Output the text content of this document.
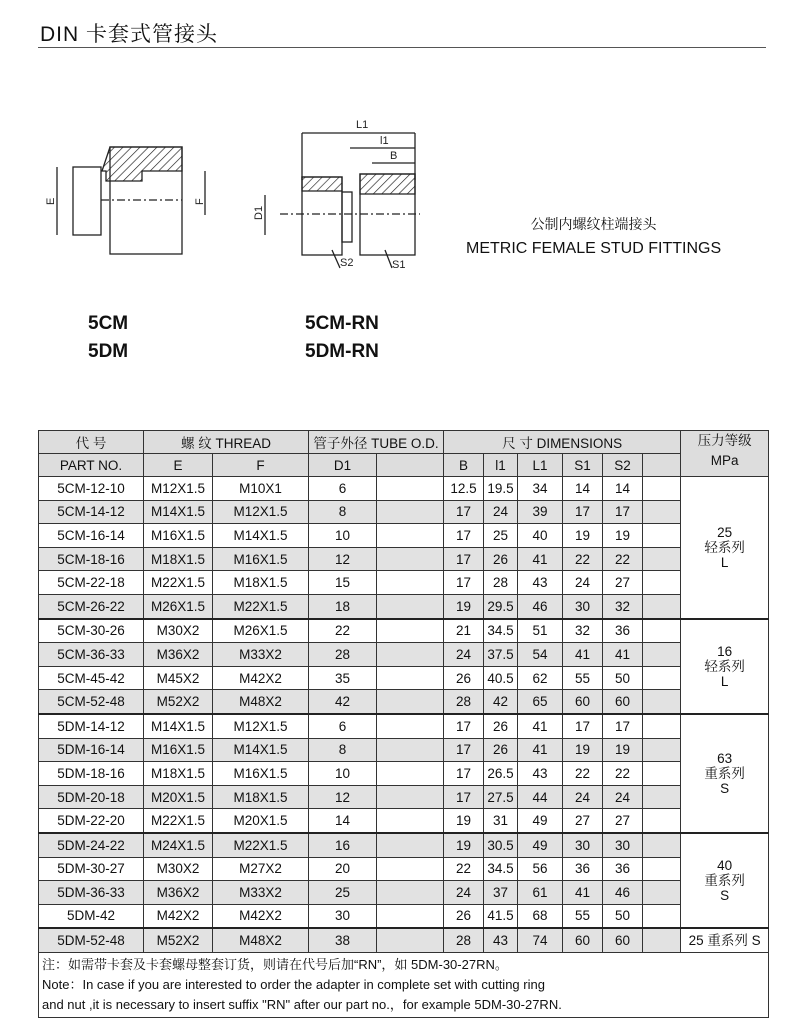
DIN 卡套式管接头
E	F
L1
l1
B
D1
S2	S1
5CM
5DM
5CM-RN
5DM-RN
公制内螺纹柱端接头
METRIC FEMALE STUD FITTINGS
代 号	螺 纹 THREAD		管子外径 TUBE O.D.		尺 寸 DIMENSIONS						压力等级
MPa

PART NO.	E	F	D1		B	l1	L1	S1	S2		
5CM-12-10	M12X1.5	M10X1	6		12.5	19.5	34	14	14		25
轻系列
L

5CM-14-12	M14X1.5	M12X1.5	8		17	24	39	17	17		
5CM-16-14	M16X1.5	M14X1.5	10		17	25	40	19	19		
5CM-18-16	M18X1.5	M16X1.5	12		17	26	41	22	22		
5CM-22-18	M22X1.5	M18X1.5	15		17	28	43	24	27		
5CM-26-22	M26X1.5	M22X1.5	18		19	29.5	46	30	32		
5CM-30-26	M30X2	M26X1.5	22		21	34.5	51	32	36		16
轻系列
L

5CM-36-33	M36X2	M33X2	28		24	37.5	54	41	41		
5CM-45-42	M45X2	M42X2	35		26	40.5	62	55	50		
5CM-52-48	M52X2	M48X2	42		28	42	65	60	60		
5DM-14-12	M14X1.5	M12X1.5	6		17	26	41	17	17		63
重系列
S

5DM-16-14	M16X1.5	M14X1.5	8		17	26	41	19	19		
5DM-18-16	M18X1.5	M16X1.5	10		17	26.5	43	22	22		
5DM-20-18	M20X1.5	M18X1.5	12		17	27.5	44	24	24		
5DM-22-20	M22X1.5	M20X1.5	14		19	31	49	27	27		
5DM-24-22	M24X1.5	M22X1.5	16		19	30.5	49	30	30		40
重系列
S

5DM-30-27	M30X2	M27X2	20		22	34.5	56	36	36		
5DM-36-33	M36X2	M33X2	25		24	37	61	41	46		
5DM-42	M42X2	M42X2	30		26	41.5	68	55	50		
5DM-52-48	M52X2	M48X2	38		28	43	74	60	60		25 重系列 S

注：如需带卡套及卡套螺母整套订货，则请在代号后加“RN”，如 5DM-30-27RN。
Note：In case if you are interested to order the adapter in complete set with cutting ring
and nut ,it is necessary to insert suffix "RN" after our part no.，for example 5DM-30-27RN.											
